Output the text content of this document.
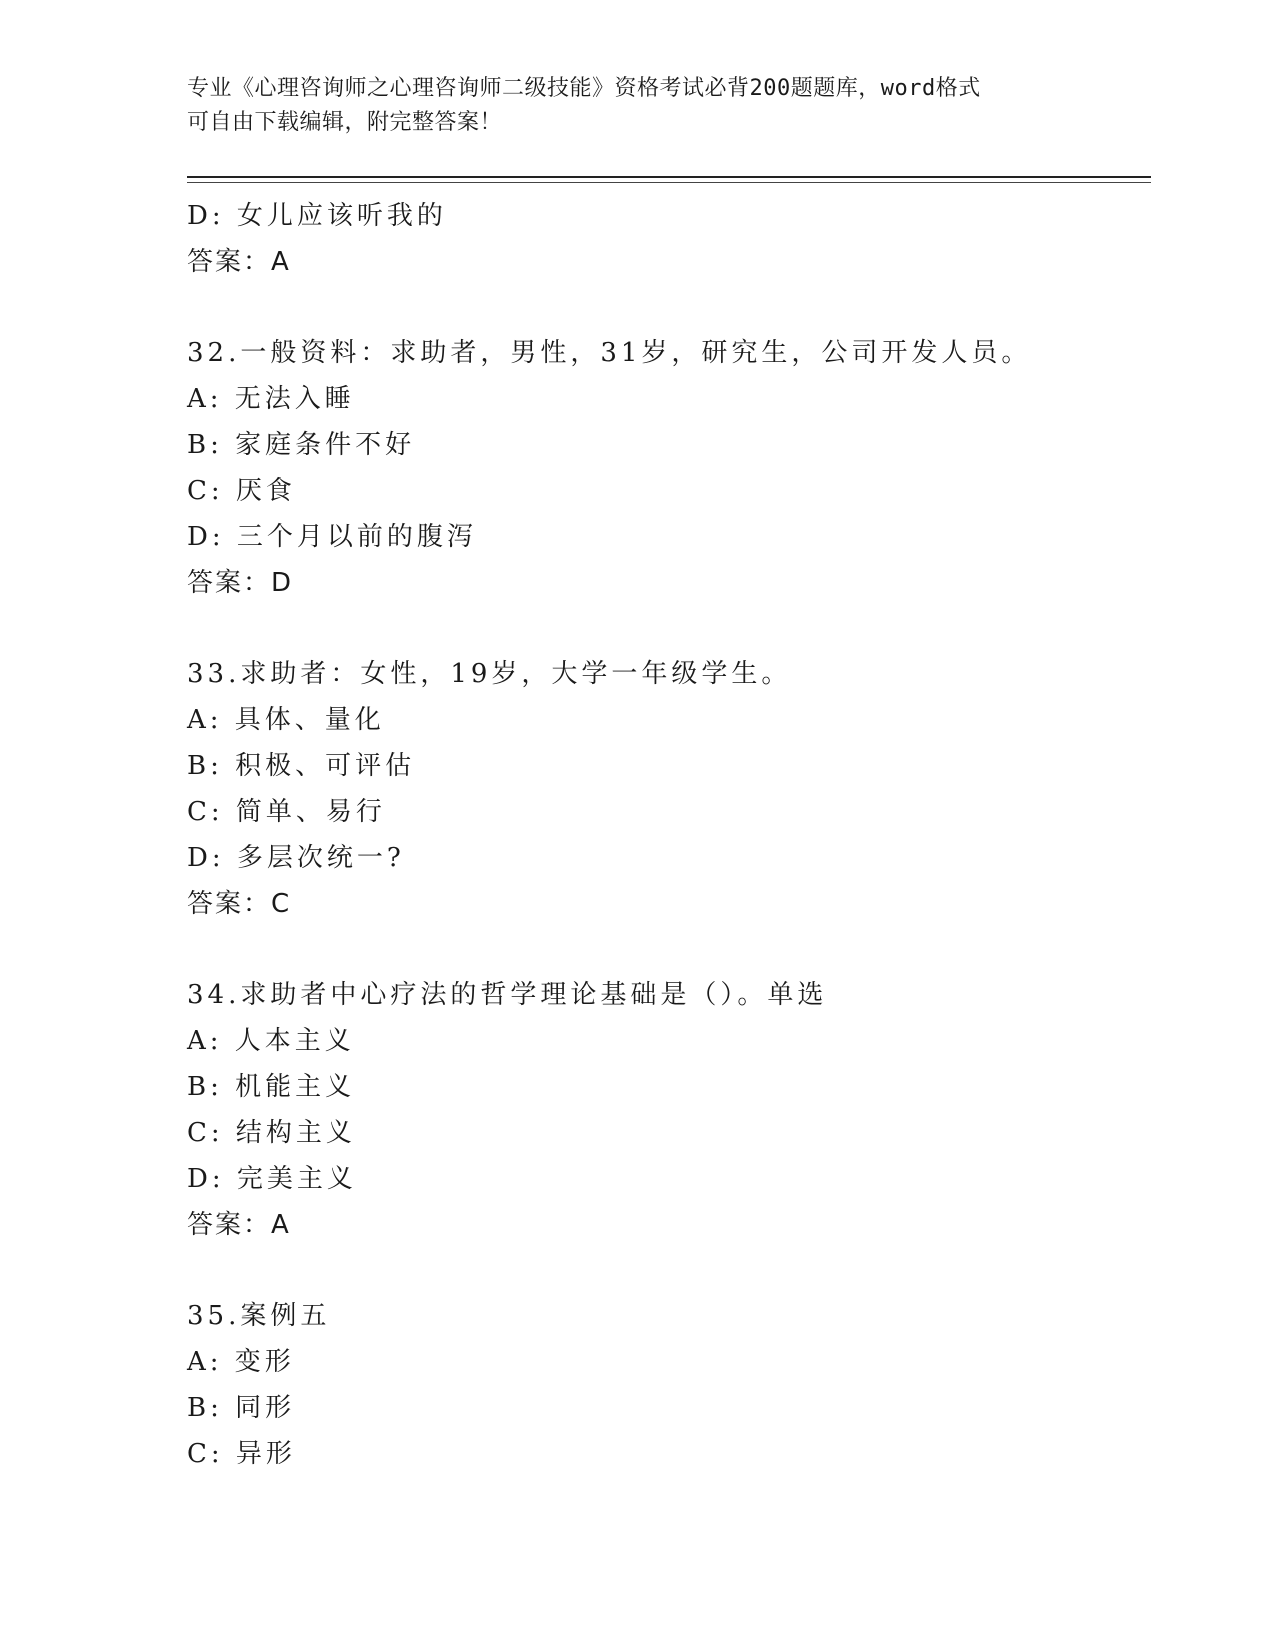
专业《心理咨询师之心理咨询师二级技能》资格考试必背200题题库，word格式
可自由下载编辑，附完整答案！
D: 女儿应该听我的
答案：A
32.一般资料：求助者，男性，31岁，研究生，公司开发人员。
A: 无法入睡
B: 家庭条件不好
C: 厌食
D: 三个月以前的腹泻
答案：D
33.求助者：女性，19岁，大学一年级学生。
A: 具体、量化
B: 积极、可评估
C: 简单、易行
D: 多层次统一?
答案：C
34.求助者中心疗法的哲学理论基础是（）。单选
A: 人本主义
B: 机能主义
C: 结构主义
D: 完美主义
答案：A
35.案例五
A: 变形
B: 同形
C: 异形
